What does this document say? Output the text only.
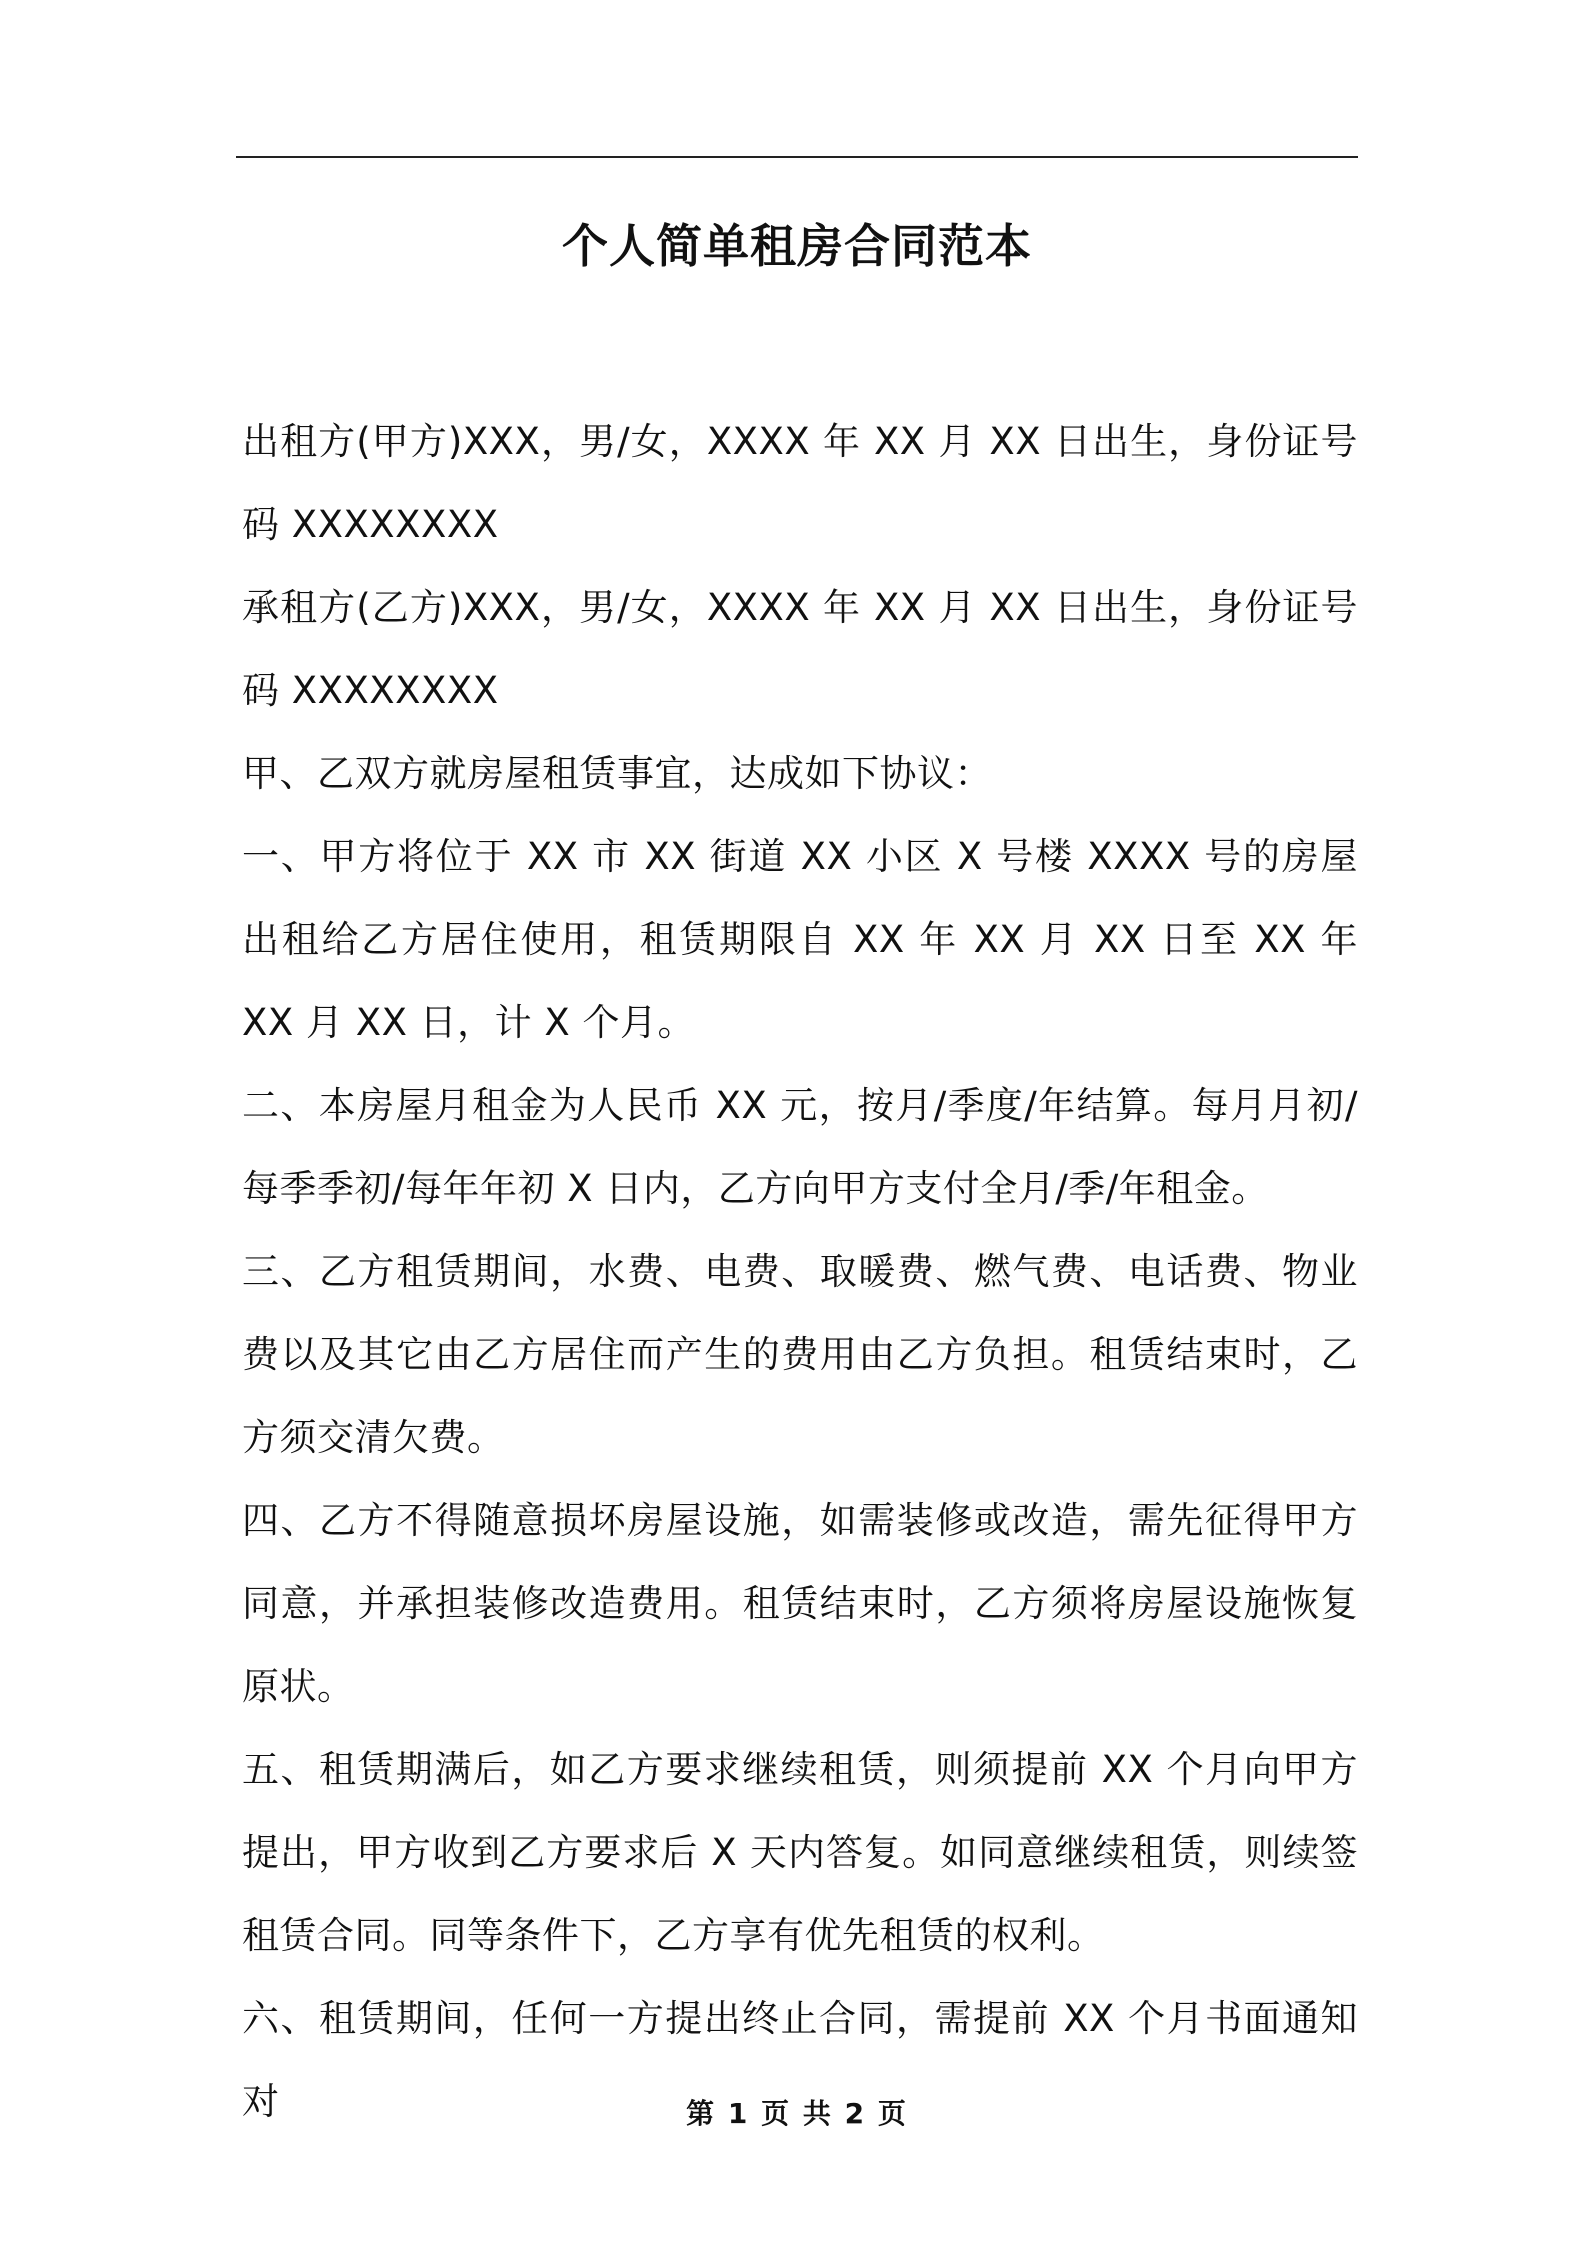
个人简单租房合同范本

出租方(甲方)XXX，男/女，XXXX 年 XX 月 XX 日出生，身份证号码 XXXXXXXX

承租方(乙方)XXX，男/女，XXXX 年 XX 月 XX 日出生，身份证号码 XXXXXXXX

甲、乙双方就房屋租赁事宜，达成如下协议：

一、甲方将位于 XX 市 XX 街道 XX 小区 X 号楼 XXXX 号的房屋出租给乙方居住使用，租赁期限自 XX 年 XX 月 XX 日至 XX 年 XX 月 XX 日，计 X 个月。

二、本房屋月租金为人民币 XX 元，按月/季度/年结算。每月月初/每季季初/每年年初 X 日内，乙方向甲方支付全月/季/年租金。

三、乙方租赁期间，水费、电费、取暖费、燃气费、电话费、物业费以及其它由乙方居住而产生的费用由乙方负担。租赁结束时，乙方须交清欠费。

四、乙方不得随意损坏房屋设施，如需装修或改造，需先征得甲方同意，并承担装修改造费用。租赁结束时，乙方须将房屋设施恢复原状。

五、租赁期满后，如乙方要求继续租赁，则须提前 XX 个月向甲方提出，甲方收到乙方要求后 X 天内答复。如同意继续租赁，则续签租赁合同。同等条件下，乙方享有优先租赁的权利。

六、租赁期间，任何一方提出终止合同，需提前 XX 个月书面通知对	第 1 页 共 2 页
